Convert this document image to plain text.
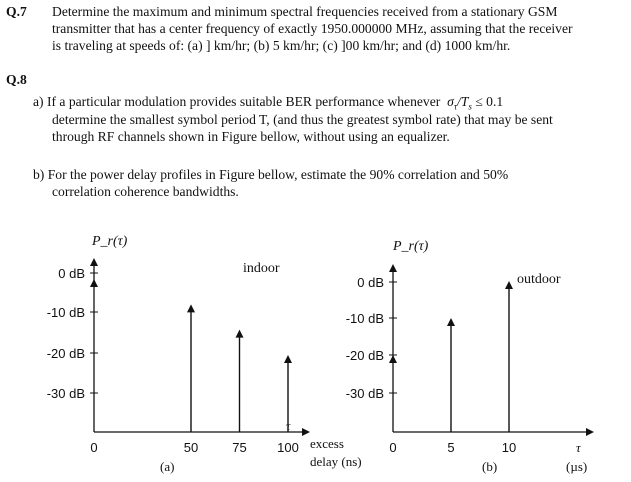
Q.7 Determine the maximum and minimum spectral frequencies received from a stationary GSM
transmitter that has a center frequency of exactly 1950.000000 MHz, assuming that the receiver
is traveling at speeds of: (a) ] km/hr; (b) 5 km/hr; (c) ]00 km/hr; and (d) 1000 km/hr.
Q.8
a) If a particular modulation provides suitable BER performance whenever $\sigma_\tau/T_s \le 0.1$
determine the smallest symbol period T, (and thus the greatest symbol rate) that may be sent
through RF channels shown in Figure bellow, without using an equalizer.
b) For the power delay profiles in Figure bellow, estimate the 90% correlation and 50%
correlation coherence bandwidths.
P_r(τ)
0 dB
-10 dB
-20 dB
-30 dB
0	50	75 100
indoor
τ
excess
delay (ns)
(a)
P_r(τ)
0 dB
-10 dB
-20 dB
-30 dB
0	5	10
outdoor
τ
(µs)
(b)
